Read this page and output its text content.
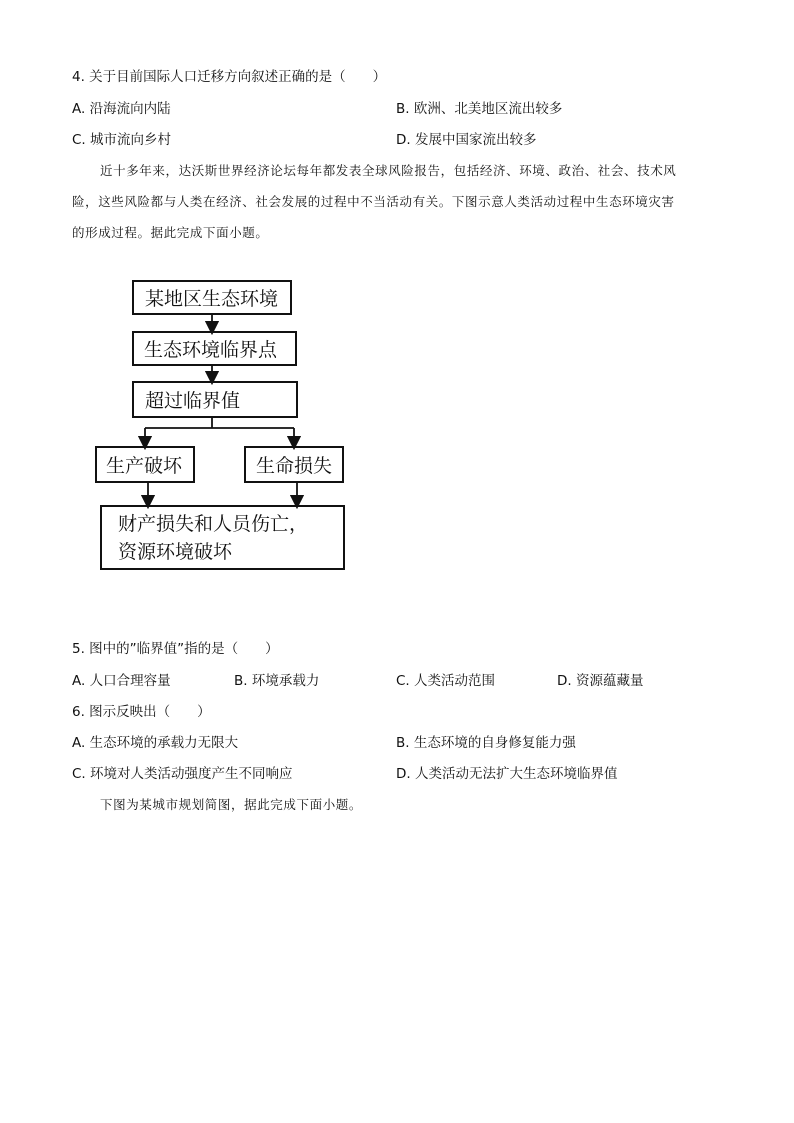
4. 关于目前国际人口迁移方向叙述正确的是（　　）
A. 沿海流向内陆	B. 欧洲、北美地区流出较多
C. 城市流向乡村	D. 发展中国家流出较多
近十多年来，达沃斯世界经济论坛每年都发表全球风险报告，包括经济、环境、政治、社会、技术风
险，这些风险都与人类在经济、社会发展的过程中不当活动有关。下图示意人类活动过程中生态环境灾害
的形成过程。据此完成下面小题。
某地区生态环境
生态环境临界点
超过临界值
生产破坏	生命损失
财产损失和人员伤亡，
资源环境破坏
5. 图中的”临界值”指的是（　　）
A. 人口合理容量	B. 环境承载力	C. 人类活动范围	D. 资源蕴藏量
6. 图示反映出（　　）
A. 生态环境的承载力无限大	B. 生态环境的自身修复能力强
C. 环境对人类活动强度产生不同响应	D. 人类活动无法扩大生态环境临界值
下图为某城市规划简图，据此完成下面小题。
